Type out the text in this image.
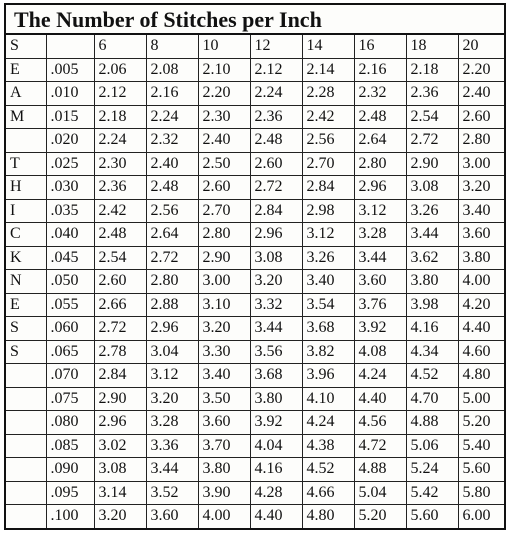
The Number of Stitches per Inch
S		6	8	10	12	14	16	18	20
E	.005	2.06	2.08	2.10	2.12	2.14	2.16	2.18	2.20
A	.010	2.12	2.16	2.20	2.24	2.28	2.32	2.36	2.40
M	.015	2.18	2.24	2.30	2.36	2.42	2.48	2.54	2.60
	.020	2.24	2.32	2.40	2.48	2.56	2.64	2.72	2.80
T	.025	2.30	2.40	2.50	2.60	2.70	2.80	2.90	3.00
H	.030	2.36	2.48	2.60	2.72	2.84	2.96	3.08	3.20
I	.035	2.42	2.56	2.70	2.84	2.98	3.12	3.26	3.40
C	.040	2.48	2.64	2.80	2.96	3.12	3.28	3.44	3.60
K	.045	2.54	2.72	2.90	3.08	3.26	3.44	3.62	3.80
N	.050	2.60	2.80	3.00	3.20	3.40	3.60	3.80	4.00
E	.055	2.66	2.88	3.10	3.32	3.54	3.76	3.98	4.20
S	.060	2.72	2.96	3.20	3.44	3.68	3.92	4.16	4.40
S	.065	2.78	3.04	3.30	3.56	3.82	4.08	4.34	4.60
	.070	2.84	3.12	3.40	3.68	3.96	4.24	4.52	4.80
	.075	2.90	3.20	3.50	3.80	4.10	4.40	4.70	5.00
	.080	2.96	3.28	3.60	3.92	4.24	4.56	4.88	5.20
	.085	3.02	3.36	3.70	4.04	4.38	4.72	5.06	5.40
	.090	3.08	3.44	3.80	4.16	4.52	4.88	5.24	5.60
	.095	3.14	3.52	3.90	4.28	4.66	5.04	5.42	5.80
	.100	3.20	3.60	4.00	4.40	4.80	5.20	5.60	6.00
